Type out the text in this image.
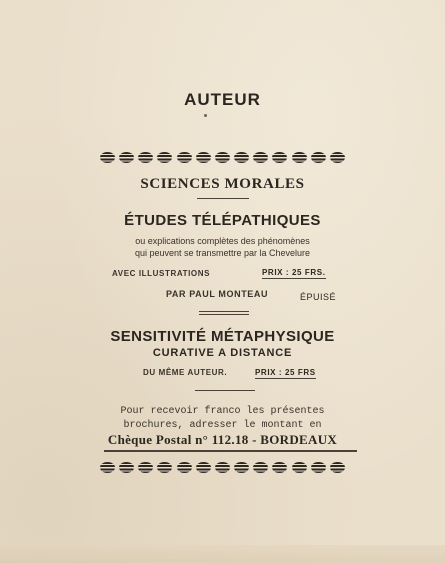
AUTEUR
SCIENCES MORALES
ÉTUDES TÉLÉPATHIQUES
ou explications complètes des phénomènes
qui peuvent se transmettre par la Chevelure
AVEC ILLUSTRATIONS	PRIX : 25 FRS.
PAR PAUL MONTEAU	ÉPUISÉ
SENSITIVITÉ MÉTAPHYSIQUE
CURATIVE A DISTANCE
DU MÊME AUTEUR.	PRIX : 25 FRS
Pour recevoir franco les présentes
brochures, adresser le montant en
Chèque Postal n° 112.18 - BORDEAUX
